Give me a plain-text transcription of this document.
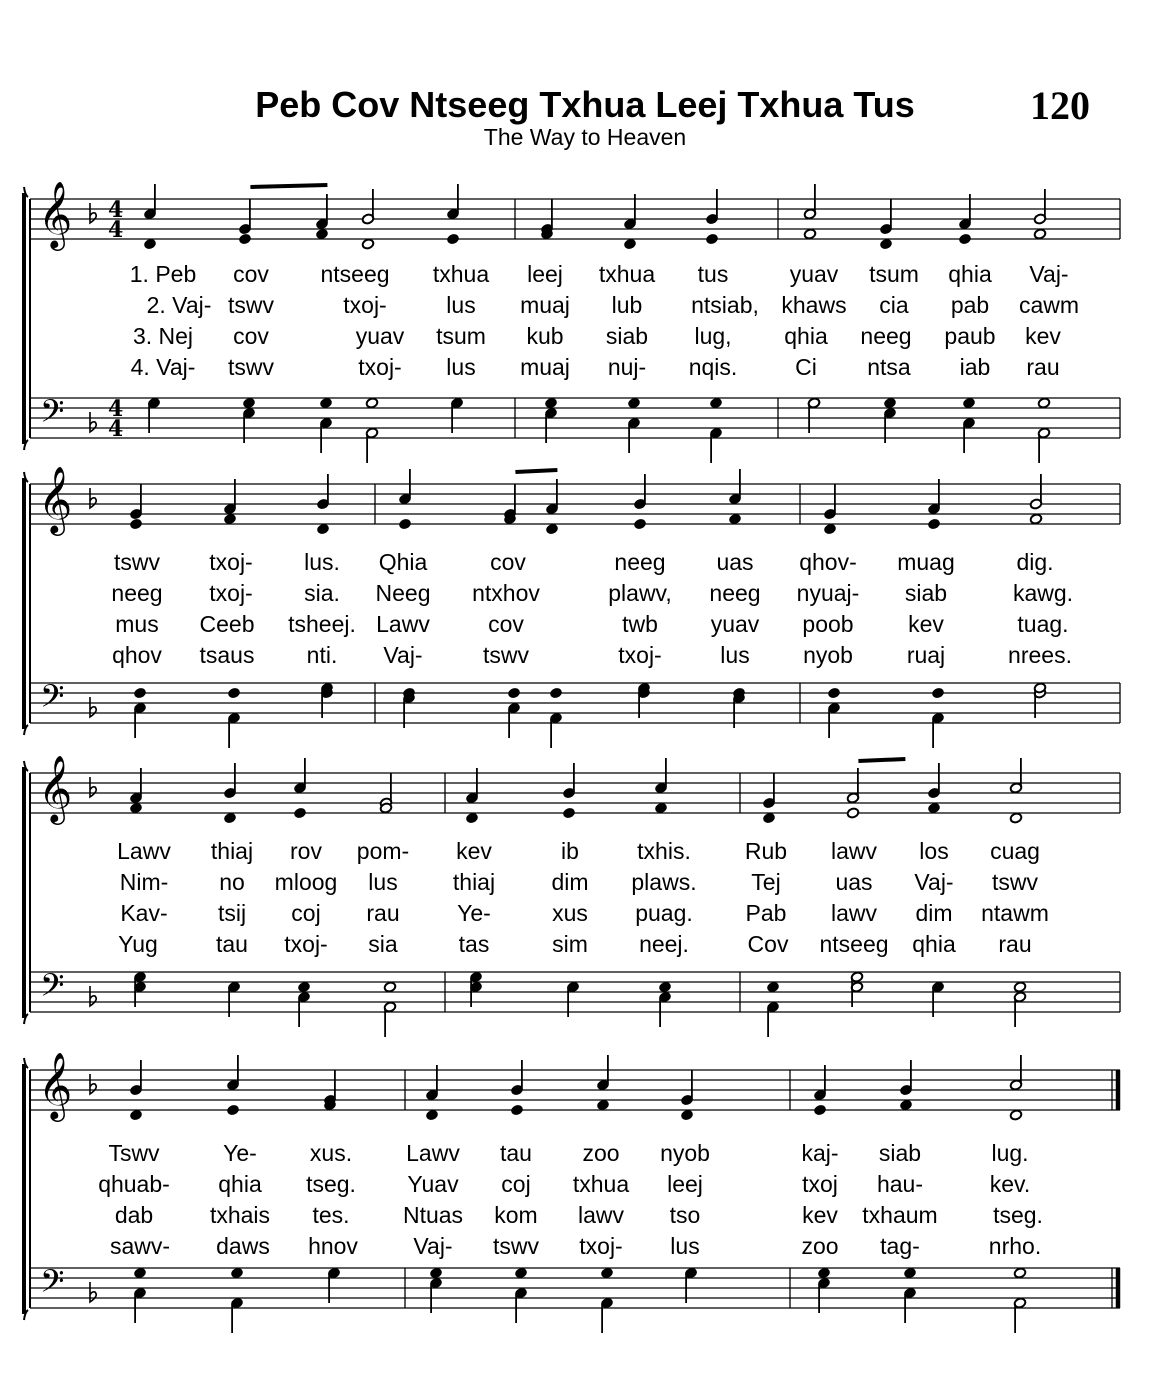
Peb Cov Ntseeg Txhua Leej Txhua Tus	120
The Way to Heaven
𝄞
𝄢
4
4
4
4
1. Peb cov ntseeg txhua leej txhua tus	yuav tsum qhia Vaj-
2. Vaj- tswv	txoj-	lus muaj lub ntsiab, khaws cia pab cawm
3. Nej cov	yuav tsum kub siab lug, qhia neeg paub kev
4. Vaj- tswv	txoj- lus muaj nuj- nqis.	Ci ntsa iab rau
𝄞
𝄢
tswv txoj- lus. Qhia	cov	neeg uas qhov- muag	dig.
neeg txoj- sia. Neeg ntxhov	plawv, neeg nyuaj- siab	kawg.
mus Ceeb tsheej. Lawv	cov	twb yuav poob kev	tuag.
qhov tsaus nti. Vaj-	tswv	txoj-	lus nyob ruaj	nrees.
𝄞
𝄢
Lawv thiaj rov pom- kev	ib	txhis. Rub lawv los cuag
Nim- no mloog lus thiaj dim plaws. Tej uas Vaj- tswv
Kav- tsij coj rau	Ye-	xus puag. Pab lawv dim ntawm
Yug	tau txoj- sia	tas	sim neej.	Cov ntseeg qhia rau
𝄞
𝄢
Tswv	Ye- xus. Lawv tau zoo nyob	kaj- siab	lug.
qhuab- qhia tseg. Yuav coj txhua leej	txoj hau-	kev.
dab txhais tes. Ntuas kom lawv tso	kev txhaum tseg.
sawv- daws hnov Vaj- tswv txoj- lus	zoo tag-	nrho.
